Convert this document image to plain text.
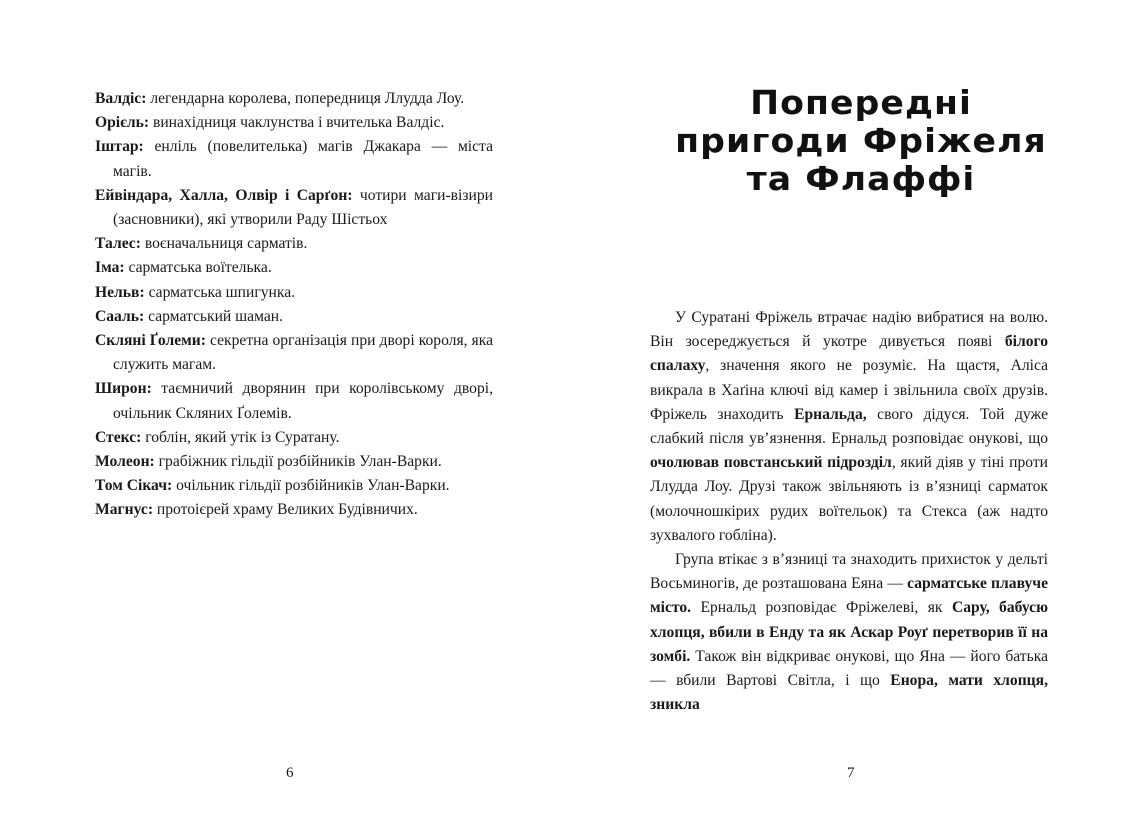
Валдіс: легендарна королева, попередниця Ллудда Лоу.

Орієль: винахідниця чаклунства і вчителька Валдіс.

Іштар: енліль (повелителька) магів Джакара — міста магів.

Ейвіндара, Халла, Олвір і Сарґон: чотири маги-візири (засновники), які утворили Раду Шістьох

Талес: воєначальниця сарматів.

Іма: сарматська воїтелька.

Нельв: сарматська шпигунка.

Сааль: сарматський шаман.

Скляні Ґолеми: секретна організація при дворі короля, яка служить магам.

Широн: таємничий дворянин при королівському дворі, очільник Скляних Ґолемів.

Стекс: гоблін, який утік із Суратану.

Молеон: грабіжник гільдії розбійників Улан-Варки.

Том Сікач: очільник гільдії розбійників Улан-Варки.

Магнус: протоієрей храму Великих Будівничих.

6
Попередні
пригоди Фріжеля
та Флаффі

У Суратані Фріжель втрачає надію вибратися на волю. Він зосереджується й укотре дивується появі білого спалаху, значення якого не розуміє. На щастя, Аліса викрала в Хаґіна ключі від камер і звільнила своїх друзів. Фріжель знаходить Ернальда, свого дідуся. Той дуже слабкий після ув’язнення. Ернальд розповідає онукові, що очолював повстанський підрозділ, який діяв у тіні проти Ллудда Лоу. Друзі також звільняють із в’язниці сарматок (молочношкірих рудих воїтельок) та Стекса (аж надто зухвалого гобліна).

Група втікає з в’язниці та знаходить прихисток у дельті Восьминогів, де розташована Еяна — сарматське плавуче місто. Ернальд розповідає Фріжелеві, як Сару, бабусю хлопця, вбили в Енду та як Аскар Роуґ перетворив її на зомбі. Також він відкриває онукові, що Яна — його батька — вбили Вартові Світла, і що Енора, мати хлопця, зникла

7
